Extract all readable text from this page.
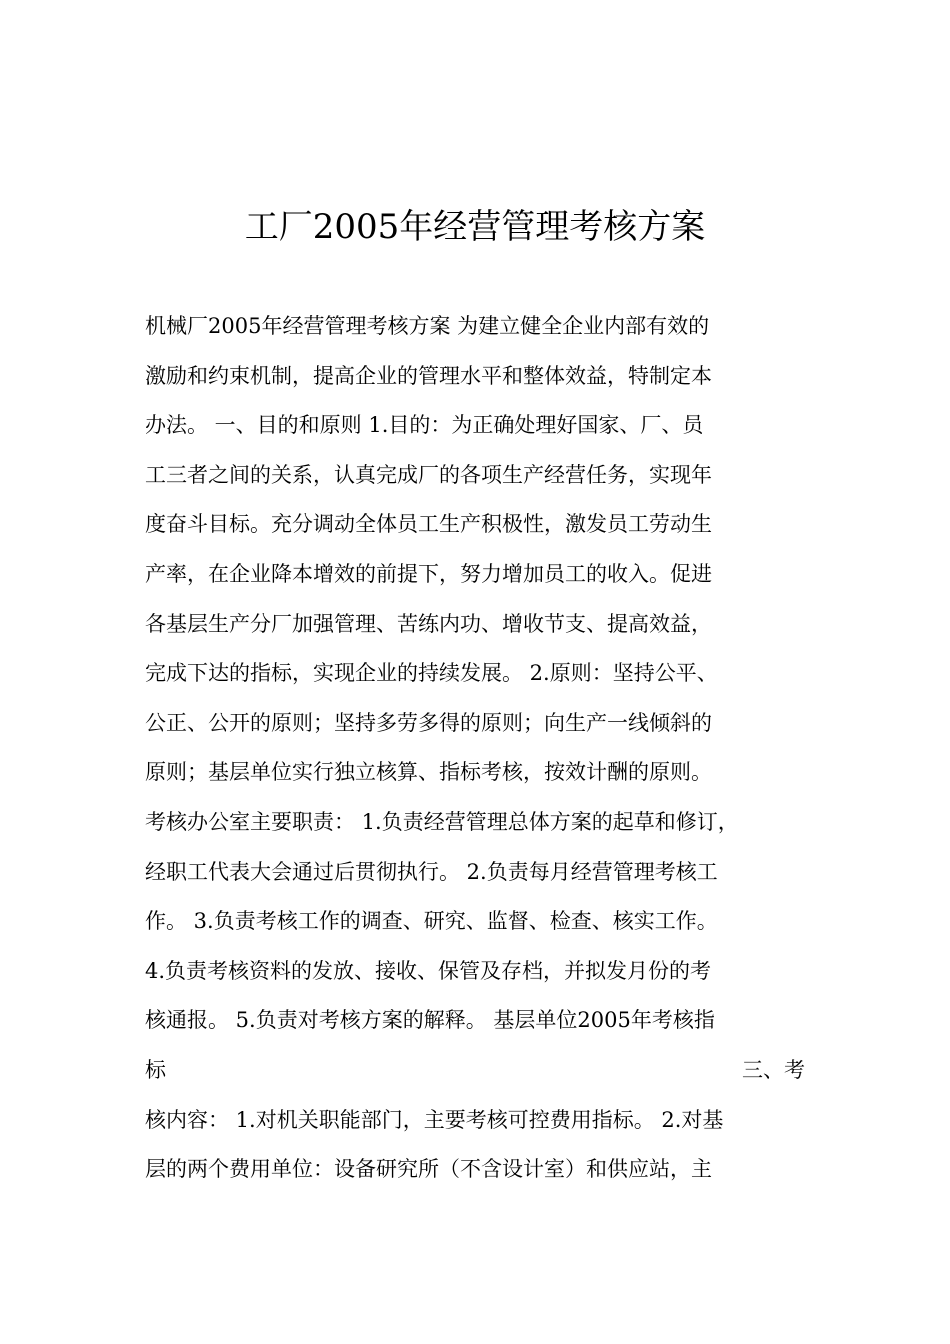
工厂2005年经营管理考核方案
机械厂2005年经营管理考核方案 为建立健全企业内部有效的
激励和约束机制，提高企业的管理水平和整体效益，特制定本
办法。 一、目的和原则 1.目的：为正确处理好国家、厂、员
工三者之间的关系，认真完成厂的各项生产经营任务，实现年
度奋斗目标。充分调动全体员工生产积极性，激发员工劳动生
产率，在企业降本增效的前提下，努力增加员工的收入。促进
各基层生产分厂加强管理、苦练内功、增收节支、提高效益，
完成下达的指标，实现企业的持续发展。 2.原则：坚持公平、
公正、公开的原则；坚持多劳多得的原则；向生产一线倾斜的
原则；基层单位实行独立核算、指标考核，按效计酬的原则。
考核办公室主要职责： 1.负责经营管理总体方案的起草和修订，
经职工代表大会通过后贯彻执行。 2.负责每月经营管理考核工
作。 3.负责考核工作的调查、研究、监督、检查、核实工作。
4.负责考核资料的发放、接收、保管及存档，并拟发月份的考
核通报。 5.负责对考核方案的解释。 基层单位2005年考核指
标	三、考
核内容： 1.对机关职能部门，主要考核可控费用指标。 2.对基
层的两个费用单位：设备研究所（不含设计室）和供应站，主
